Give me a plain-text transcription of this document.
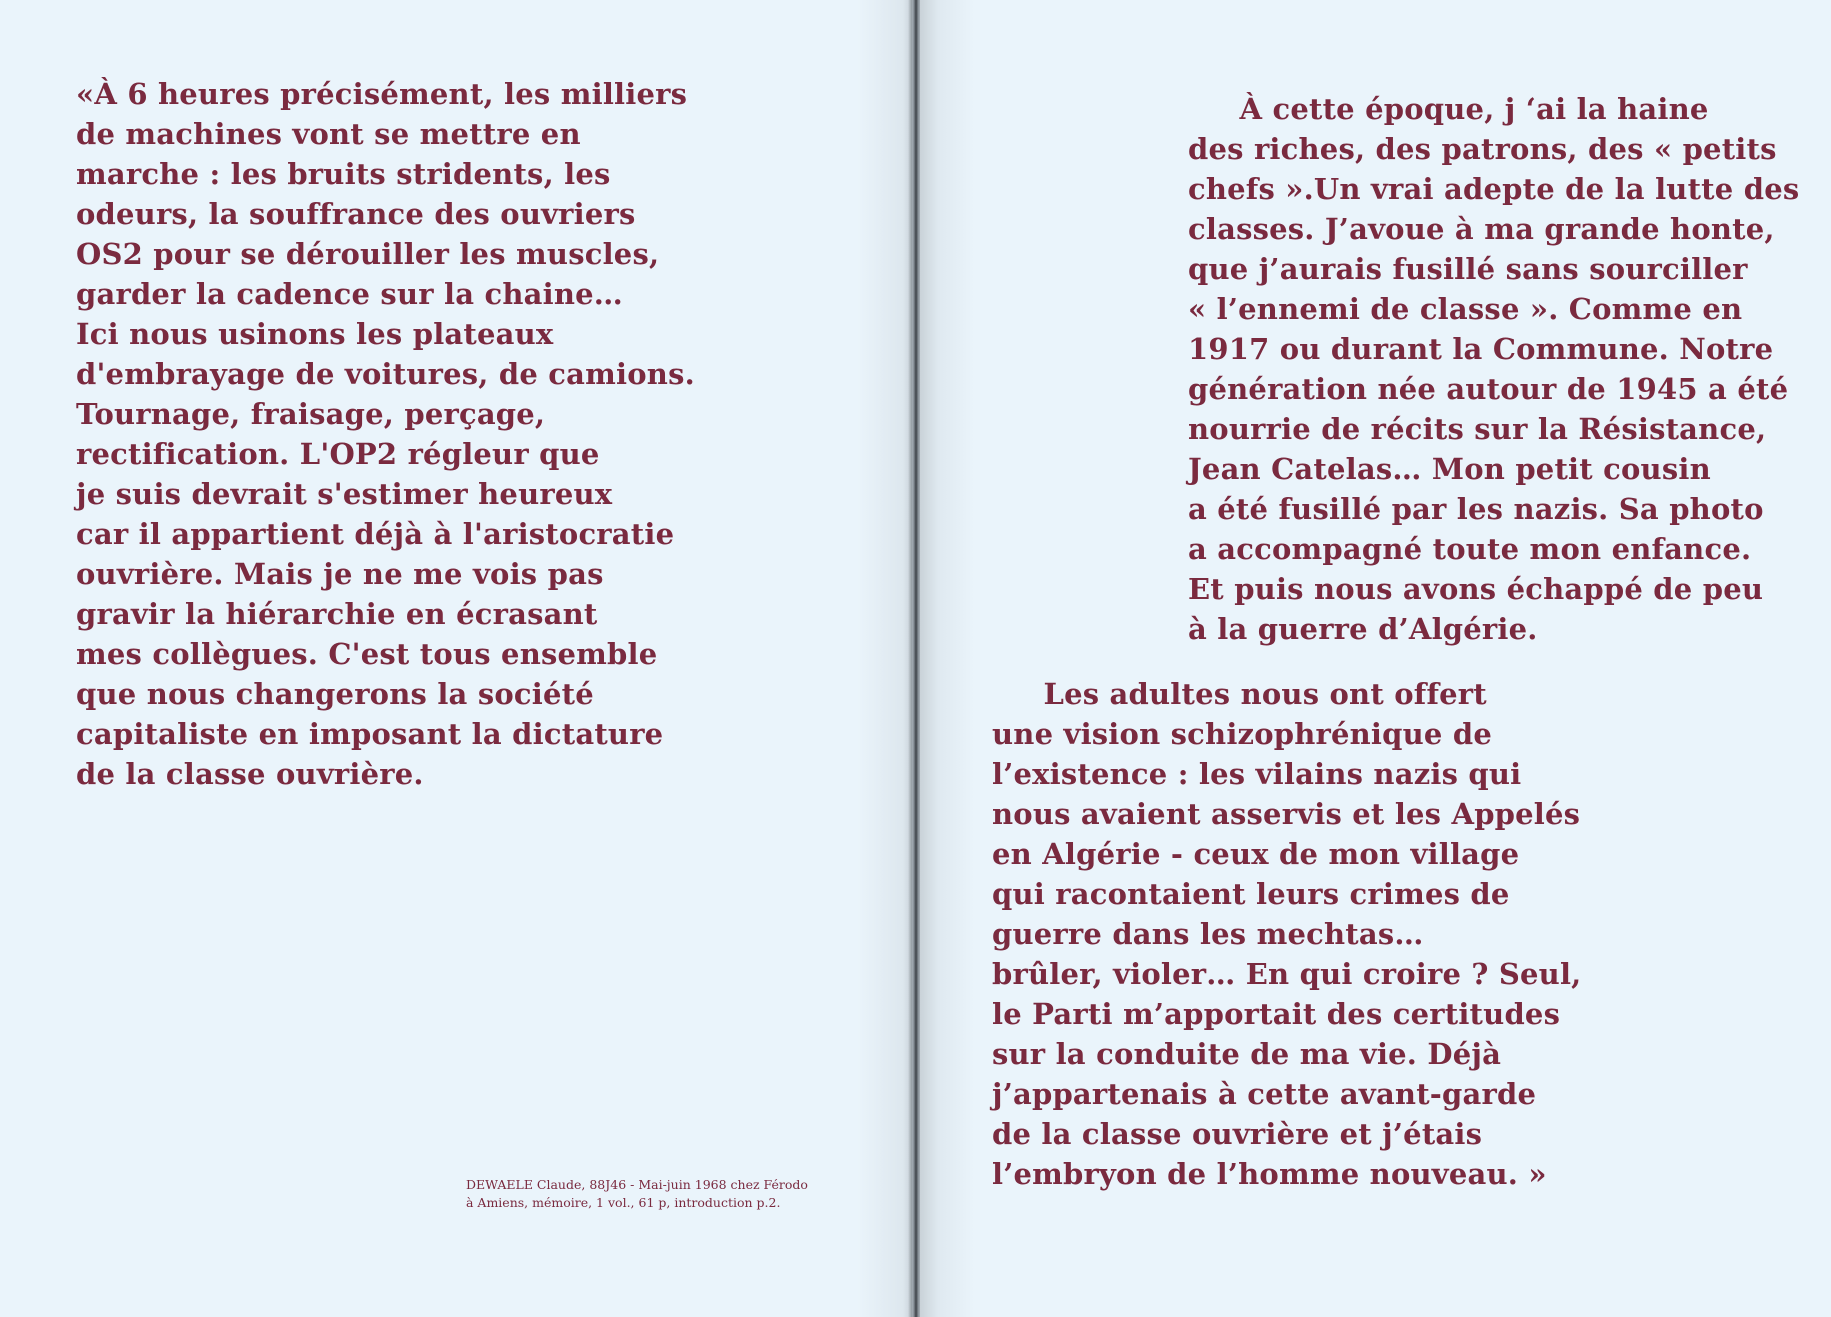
«À 6 heures précisément, les milliers
de machines vont se mettre en
marche : les bruits stridents, les
odeurs, la souffrance des ouvriers
OS2 pour se dérouiller les muscles,
garder la cadence sur la chaine…
Ici nous usinons les plateaux
d'embrayage de voitures, de camions.
Tournage, fraisage, perçage,
rectification. L'OP2 régleur que
je suis devrait s'estimer heureux
car il appartient déjà à l'aristocratie
ouvrière. Mais je ne me vois pas
gravir la hiérarchie en écrasant
mes collègues. C'est tous ensemble
que nous changerons la société
capitaliste en imposant la dictature
de la classe ouvrière.

DEWAELE Claude, 88J46 - Mai-juin 1968 chez Férodo
à Amiens, mémoire, 1 vol., 61 p, introduction p.2.

À cette époque, j ‘ai la haine
des riches, des patrons, des « petits
chefs ».Un vrai adepte de la lutte des
classes. J’avoue à ma grande honte,
que j’aurais fusillé sans sourciller
« l’ennemi de classe ». Comme en
1917 ou durant la Commune. Notre
génération née autour de 1945 a été
nourrie de récits sur la Résistance,
Jean Catelas… Mon petit cousin
a été fusillé par les nazis. Sa photo
a accompagné toute mon enfance.
Et puis nous avons échappé de peu
à la guerre d’Algérie.

Les adultes nous ont offert
une vision schizophrénique de
l’existence : les vilains nazis qui
nous avaient asservis et les Appelés
en Algérie - ceux de mon village
qui racontaient leurs crimes de
guerre dans les mechtas…
brûler, violer… En qui croire ? Seul,
le Parti m’apportait des certitudes
sur la conduite de ma vie. Déjà
j’appartenais à cette avant-garde
de la classe ouvrière et j’étais
l’embryon de l’homme nouveau. »
